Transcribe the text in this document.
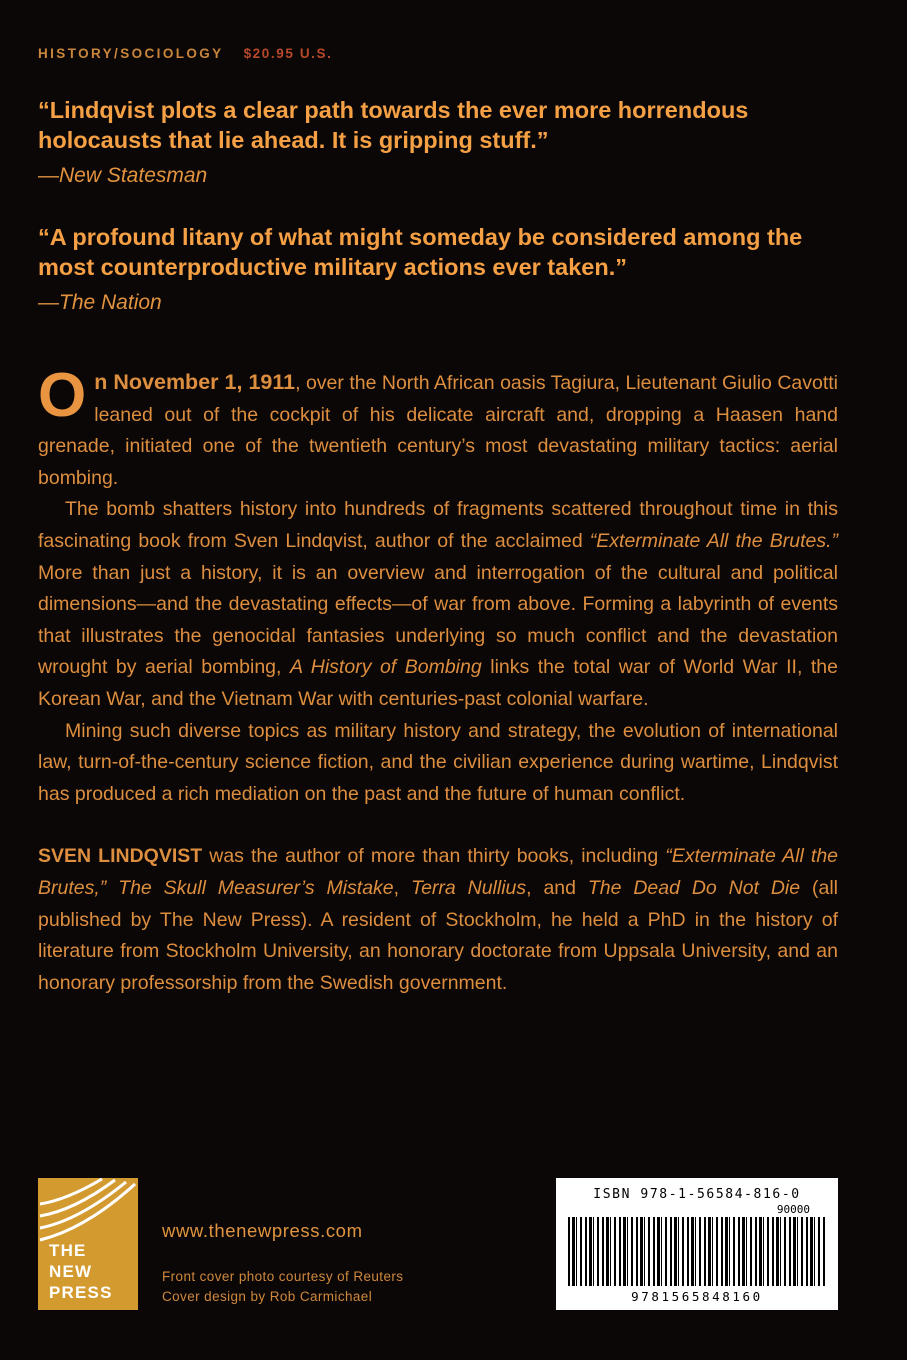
HISTORY/SOCIOLOGY $20.95 U.S.
“Lindqvist plots a clear path towards the ever more horrendous holocausts that lie ahead. It is gripping stuff.”
—New Statesman
“A profound litany of what might someday be considered among the most counterproductive military actions ever taken.”
—The Nation

On November 1, 1911, over the North African oasis Tagiura, Lieutenant Giulio Cavotti leaned out of the cockpit of his delicate aircraft and, dropping a Haasen hand grenade, initiated one of the twentieth century’s most devastating military tactics: aerial bombing.

The bomb shatters history into hundreds of fragments scattered throughout time in this fascinating book from Sven Lindqvist, author of the acclaimed “Exterminate All the Brutes.” More than just a history, it is an overview and interrogation of the cultural and political dimensions—and the devastating effects—of war from above. Forming a labyrinth of events that illustrates the genocidal fantasies underlying so much conflict and the devastation wrought by aerial bombing, A History of Bombing links the total war of World War II, the Korean War, and the Vietnam War with centuries-past colonial warfare.

Mining such diverse topics as military history and strategy, the evolution of international law, turn-of-the-century science fiction, and the civilian experience during wartime, Lindqvist has produced a rich mediation on the past and the future of human conflict.

SVEN LINDQVIST was the author of more than thirty books, including “Exterminate All the Brutes,” The Skull Measurer’s Mistake, Terra Nullius, and The Dead Do Not Die (all published by The New Press). A resident of Stockholm, he held a PhD in the history of literature from Stockholm University, an honorary doctorate from Uppsala University, and an honorary professorship from the Swedish government.

THE
NEW
PRESS
www.thenewpress.com
Front cover photo courtesy of Reuters
Cover design by Rob Carmichael
ISBN 978-1-56584-816-0
90000
9781565848160
